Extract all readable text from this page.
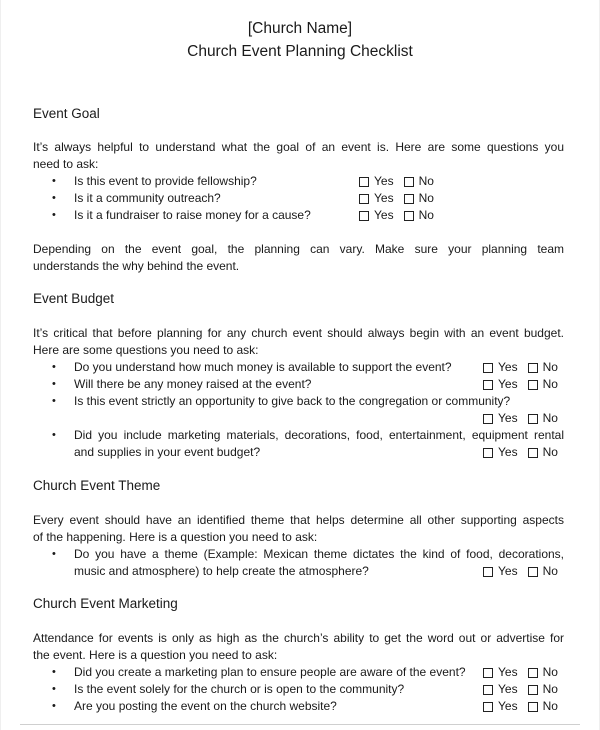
[Church Name]
Church Event Planning Checklist
Event Goal
It’s always helpful to understand what the goal of an event is. Here are some questions you
need to ask:
• Is this event to provide fellowship?	Yes No
• Is it a community outreach?	Yes No
• Is it a fundraiser to raise money for a cause?	Yes No
Depending on the event goal, the planning can vary. Make sure your planning team
understands the why behind the event.
Event Budget
It’s critical that before planning for any church event should always begin with an event budget.
Here are some questions you need to ask:
• Do you understand how much money is available to support the event?	Yes No
• Will there be any money raised at the event?	Yes No
• Is this event strictly an opportunity to give back to the congregation or community?
Yes No
• Did you include marketing materials, decorations, food, entertainment, equipment rental
and supplies in your event budget?	Yes No
Church Event Theme
Every event should have an identified theme that helps determine all other supporting aspects
of the happening. Here is a question you need to ask:
• Do you have a theme (Example: Mexican theme dictates the kind of food, decorations,
music and atmosphere) to help create the atmosphere?	Yes No
Church Event Marketing
Attendance for events is only as high as the church’s ability to get the word out or advertise for
the event. Here is a question you need to ask:
• Did you create a marketing plan to ensure people are aware of the event?	Yes No
• Is the event solely for the church or is open to the community?	Yes No
• Are you posting the event on the church website?	Yes No
